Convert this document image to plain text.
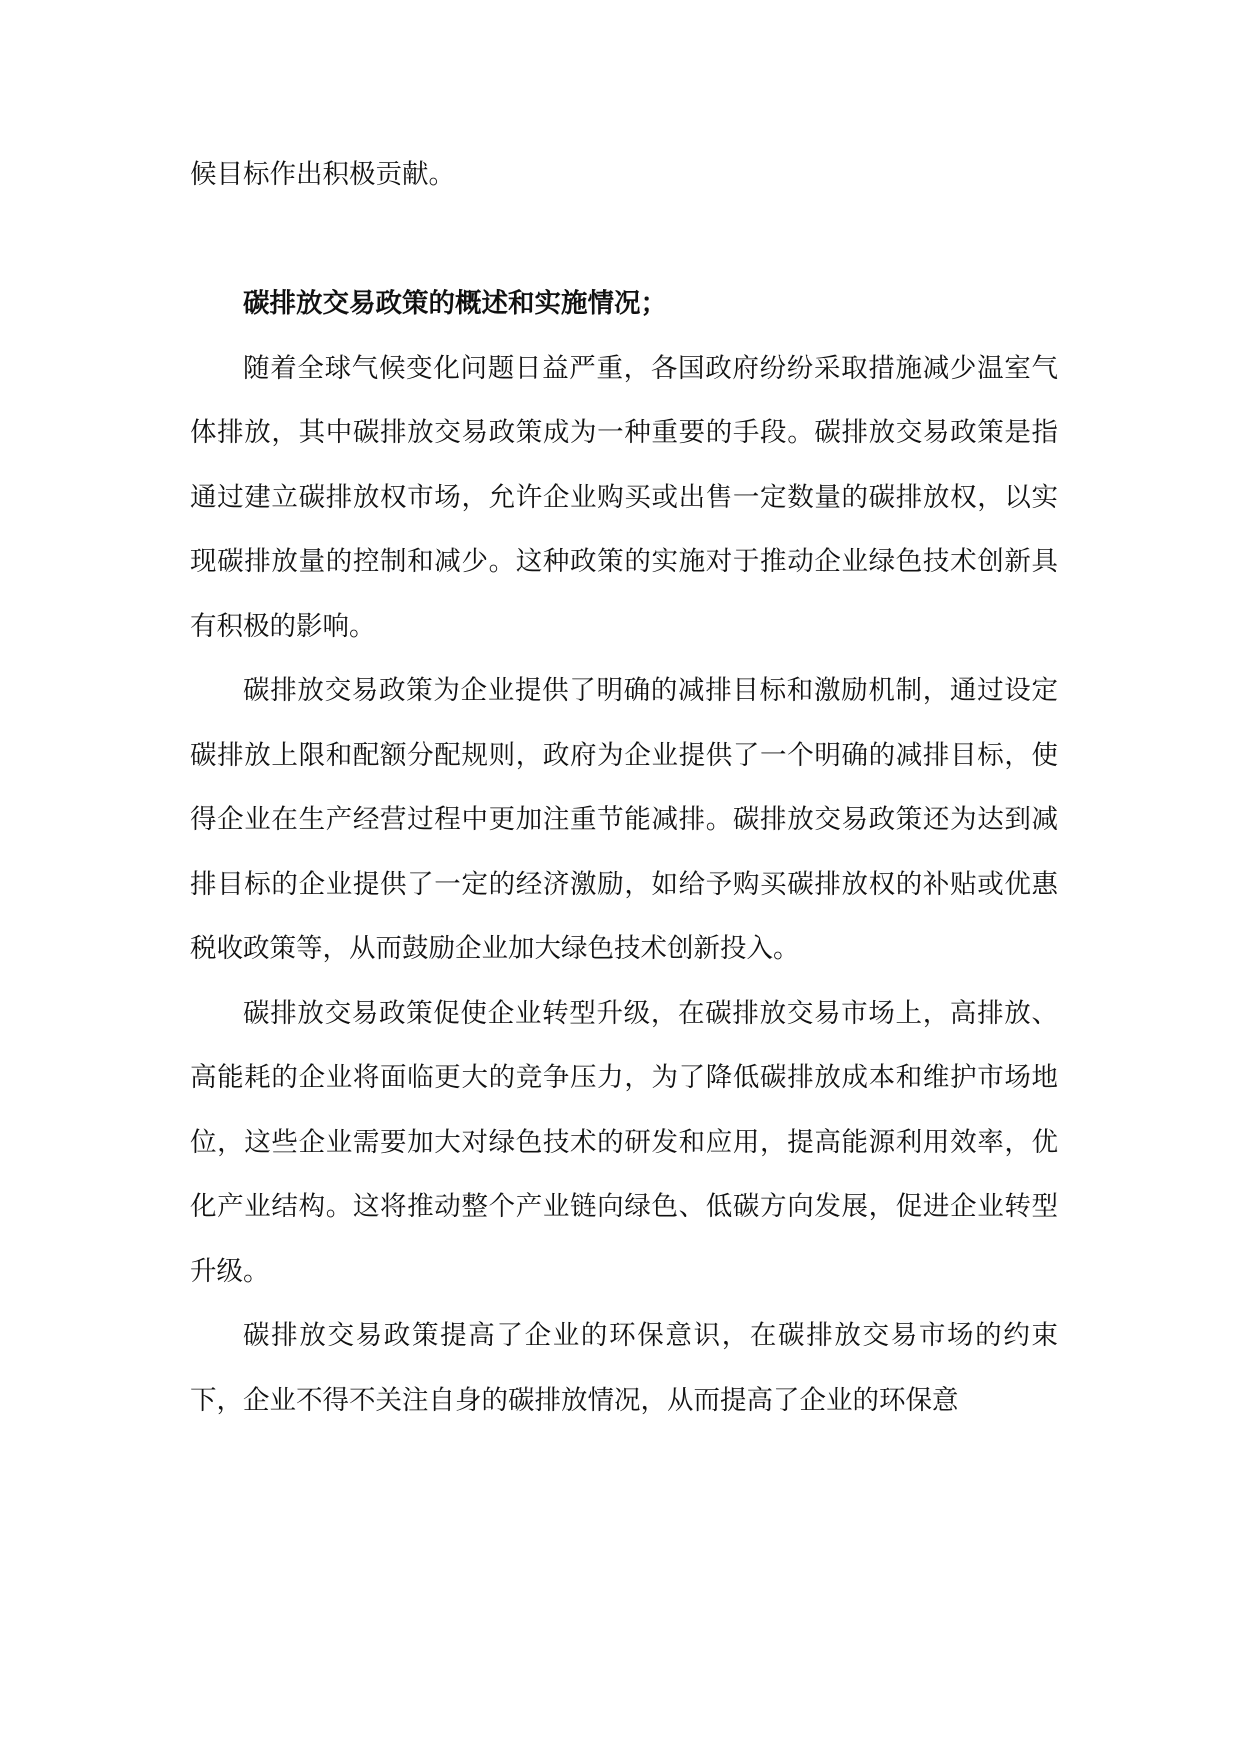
候目标作出积极贡献。

碳排放交易政策的概述和实施情况；

随着全球气候变化问题日益严重，各国政府纷纷采取措施减少温室气体排放，其中碳排放交易政策成为一种重要的手段。碳排放交易政策是指通过建立碳排放权市场，允许企业购买或出售一定数量的碳排放权，以实现碳排放量的控制和减少。这种政策的实施对于推动企业绿色技术创新具有积极的影响。

碳排放交易政策为企业提供了明确的减排目标和激励机制，通过设定碳排放上限和配额分配规则，政府为企业提供了一个明确的减排目标，使得企业在生产经营过程中更加注重节能减排。碳排放交易政策还为达到减排目标的企业提供了一定的经济激励，如给予购买碳排放权的补贴或优惠税收政策等，从而鼓励企业加大绿色技术创新投入。

碳排放交易政策促使企业转型升级，在碳排放交易市场上，高排放、高能耗的企业将面临更大的竞争压力，为了降低碳排放成本和维护市场地位，这些企业需要加大对绿色技术的研发和应用，提高能源利用效率，优化产业结构。这将推动整个产业链向绿色、低碳方向发展，促进企业转型升级。

碳排放交易政策提高了企业的环保意识，在碳排放交易市场的约束下，企业不得不关注自身的碳排放情况，从而提高了企业的环保意
